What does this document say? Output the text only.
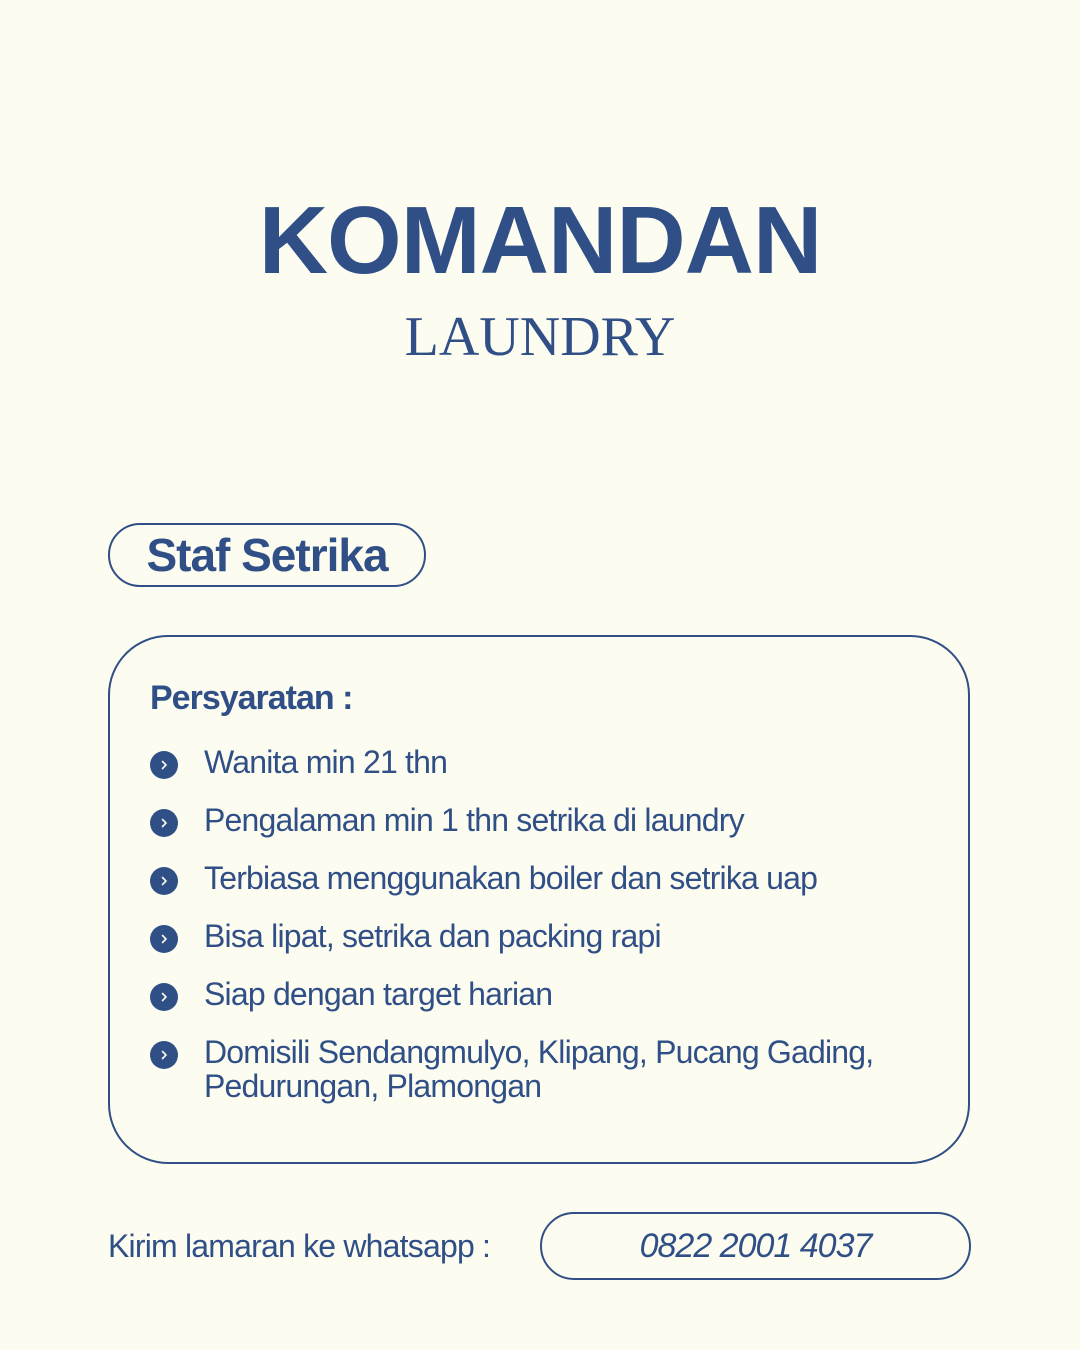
KOMANDAN
LAUNDRY
Staf Setrika
Persyaratan :
Wanita min 21 thn
Pengalaman min 1 thn setrika di laundry
Terbiasa menggunakan boiler dan setrika uap
Bisa lipat, setrika dan packing rapi
Siap dengan target harian
Domisili Sendangmulyo, Klipang, Pucang Gading, Pedurungan, Plamongan

Kirim lamaran ke whatsapp :	0822 2001 4037
